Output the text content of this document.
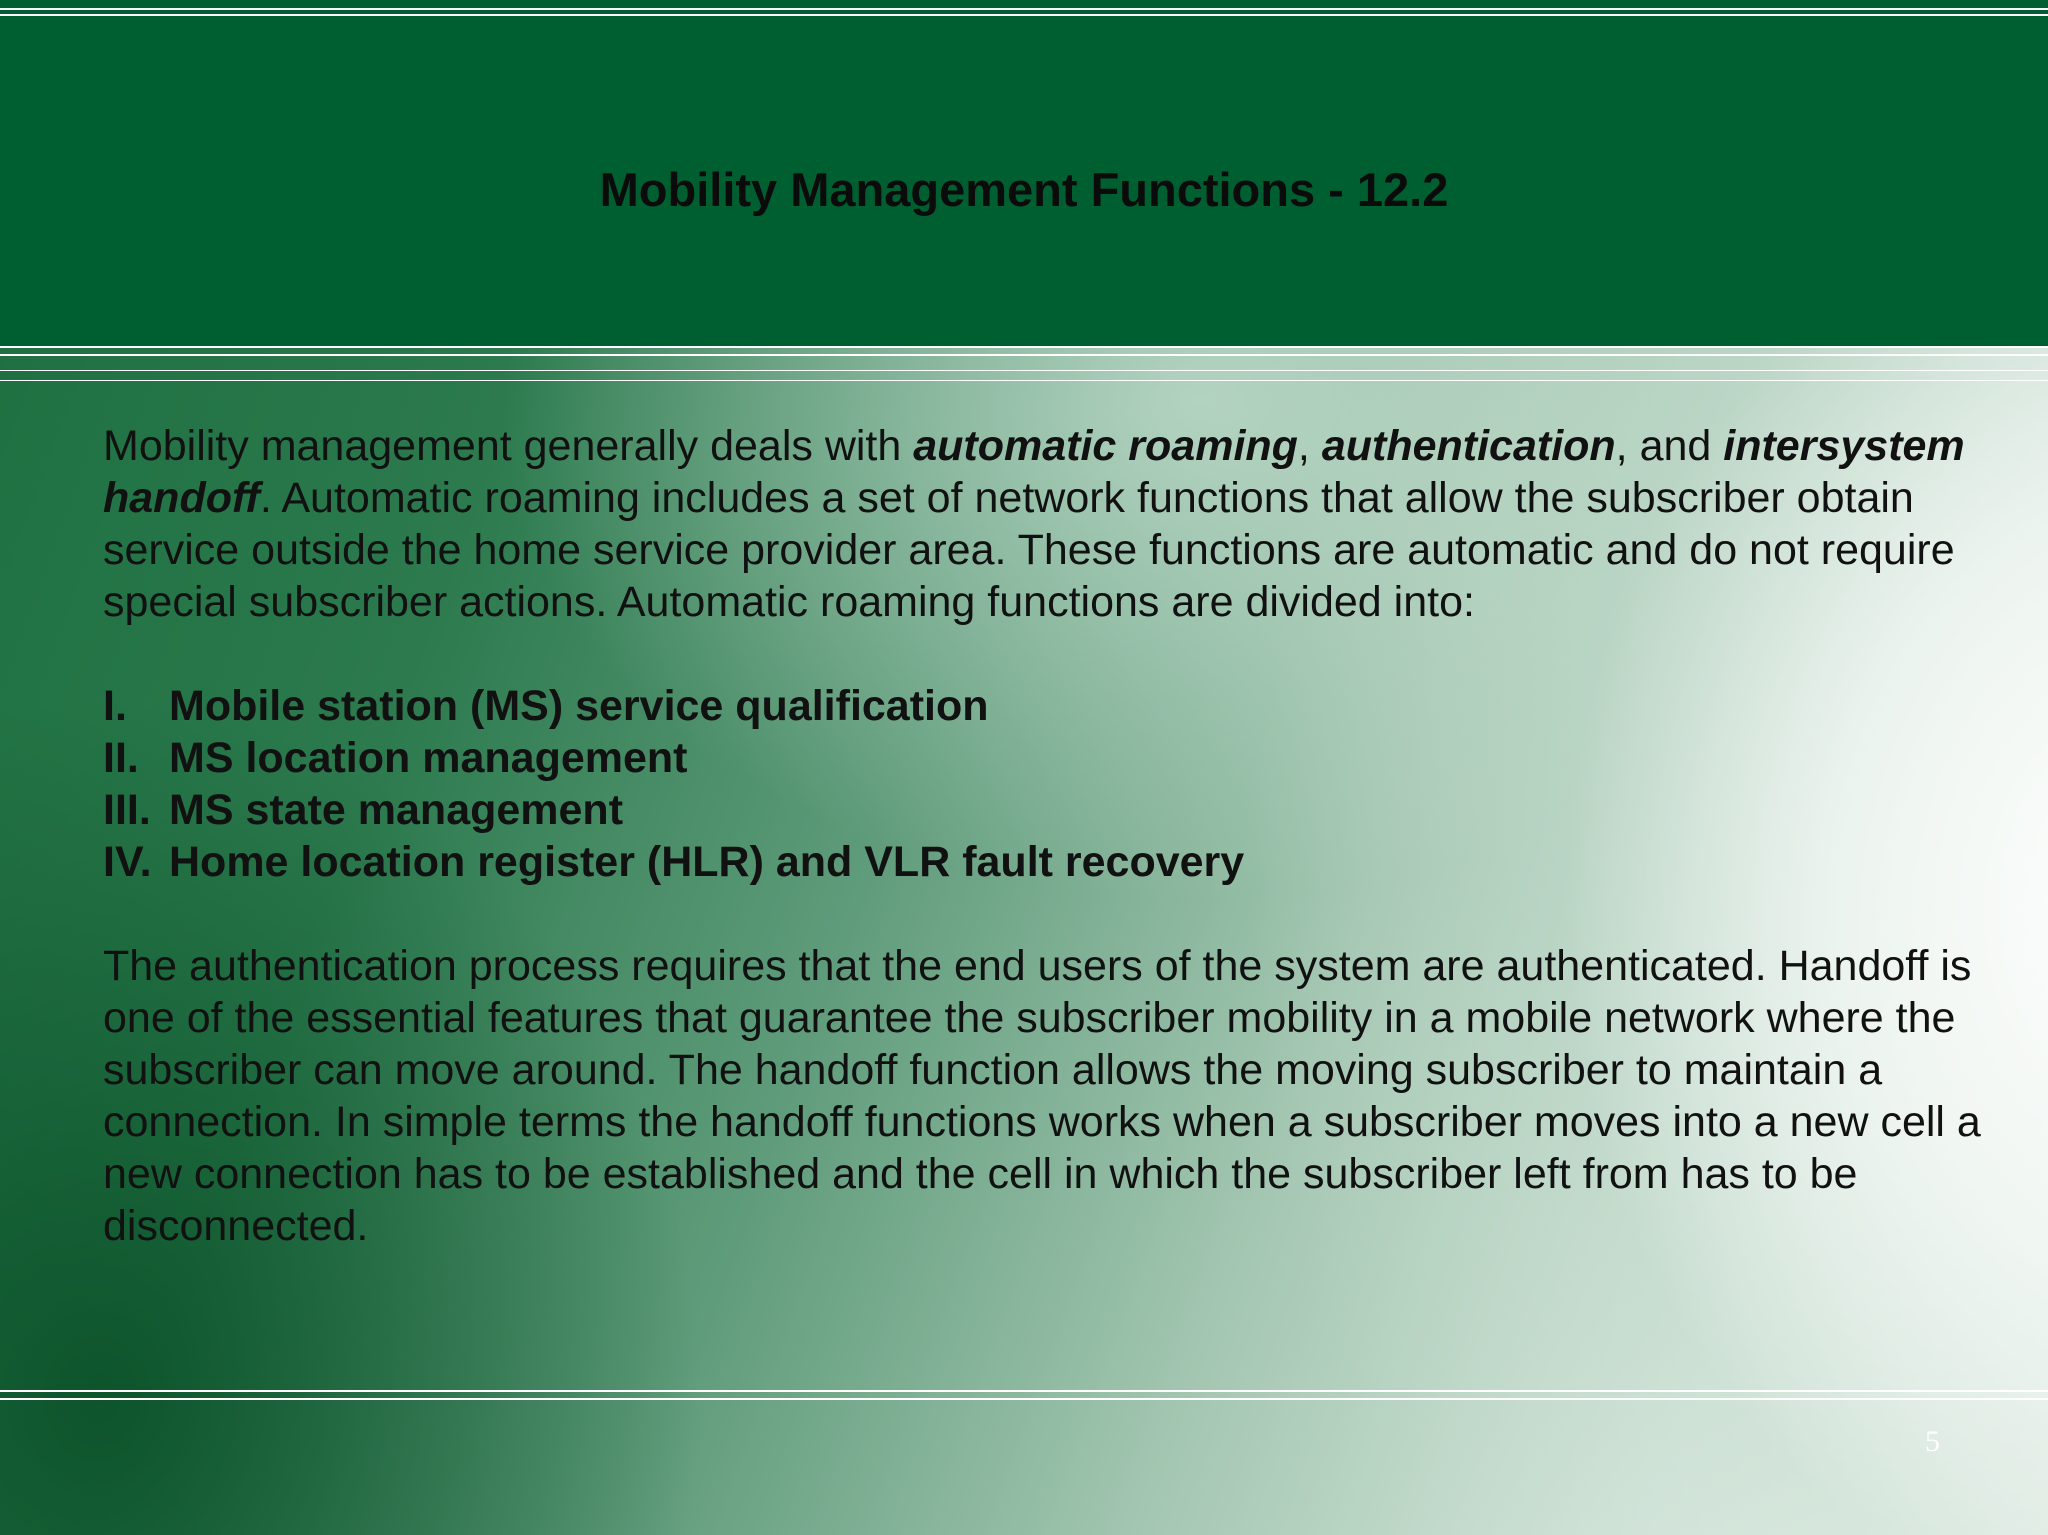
Mobility Management Functions - 12.2

Mobility management generally deals with automatic roaming, authentication, and intersystem handoff. Automatic roaming includes a set of network functions that allow the subscriber obtain service outside the home service provider area. These functions are automatic and do not require special subscriber actions. Automatic roaming functions are divided into:

I. Mobile station (MS) service qualification
II. MS location management
III. MS state management
IV. Home location register (HLR) and VLR fault recovery

The authentication process requires that the end users of the system are authenticated. Handoff is one of the essential features that guarantee the subscriber mobility in a mobile network where the subscriber can move around. The handoff function allows the moving subscriber to maintain a connection. In simple terms the handoff functions works when a subscriber moves into a new cell a new connection has to be established and the cell in which the subscriber left from has to be disconnected.

5
